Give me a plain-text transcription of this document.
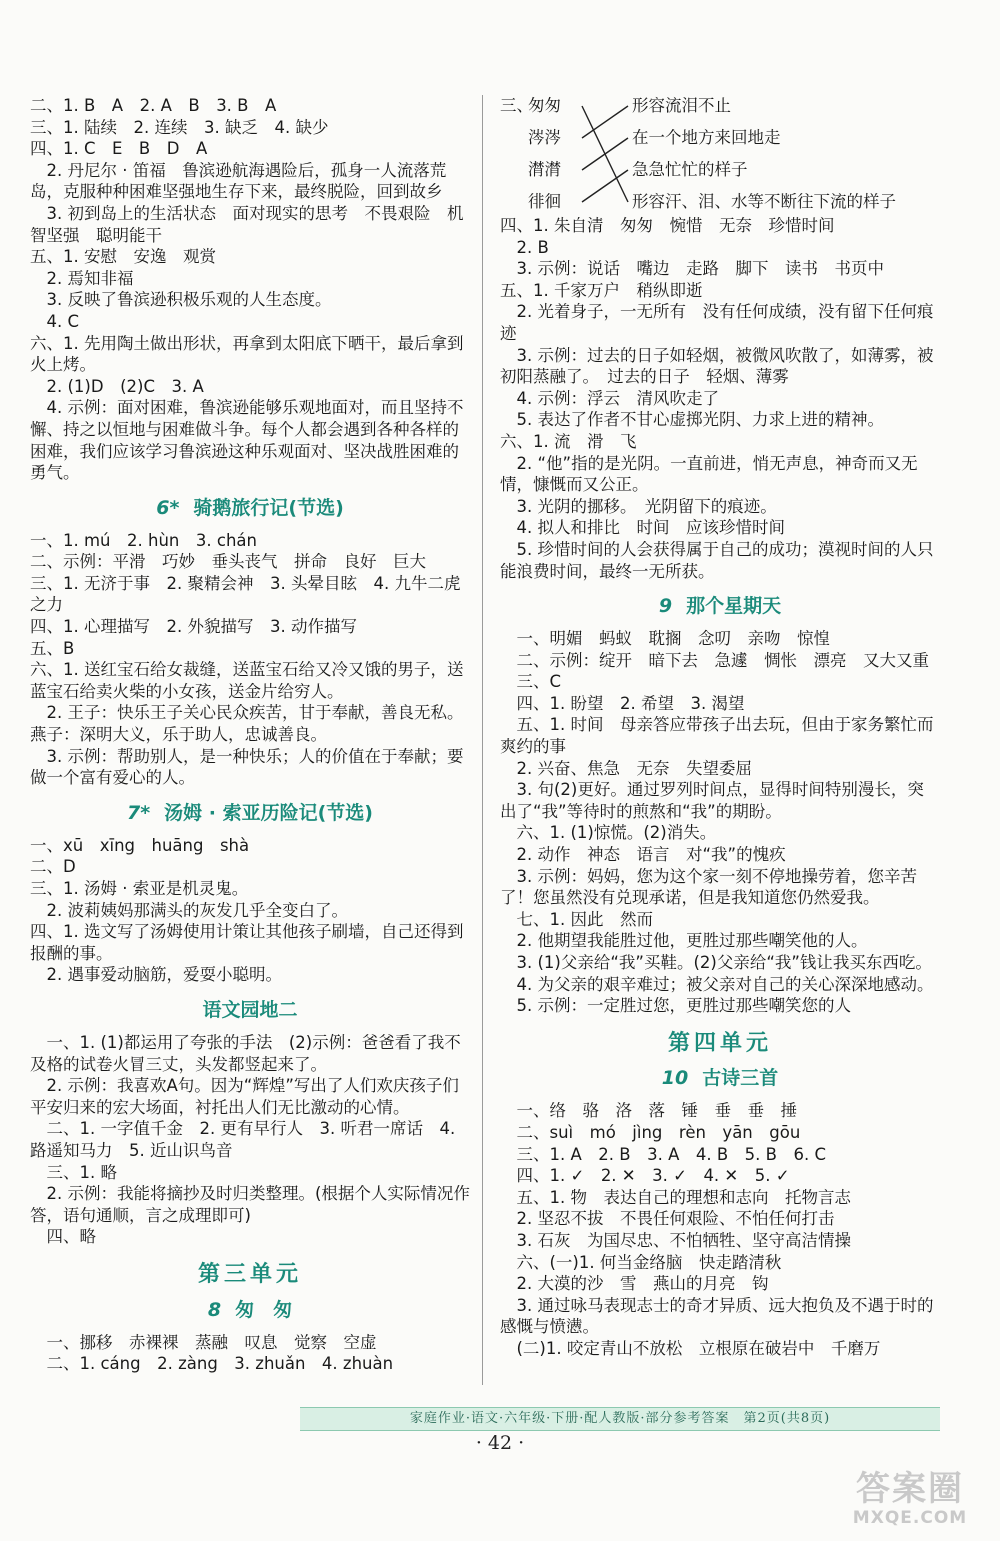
二、1. B　A　2. A　B　3. B　A
三、1. 陆续　2. 连续　3. 缺乏　4. 缺少
四、1. C　E　B　D　A
　2. 丹尼尔 · 笛福　鲁滨逊航海遇险后，孤身一人流落荒岛，克服种种困难坚强地生存下来，最终脱险，回到故乡
　3. 初到岛上的生活状态　面对现实的思考　不畏艰险　机智坚强　聪明能干
五、1. 安慰　安逸　观赏
　2. 焉知非福
　3. 反映了鲁滨逊积极乐观的人生态度。
　4. C
六、1. 先用陶土做出形状，再拿到太阳底下晒干，最后拿到火上烤。
　2. (1)D　(2)C　3. A
　4. 示例：面对困难，鲁滨逊能够乐观地面对，而且坚持不懈、持之以恒地与困难做斗争。每个人都会遇到各种各样的困难，我们应该学习鲁滨逊这种乐观面对、坚决战胜困难的勇气。
6* 骑鹅旅行记(节选)
一、1. mú　2. hùn　3. chán
二、示例：平滑　巧妙　垂头丧气　拼命　良好　巨大
三、1. 无济于事　2. 聚精会神　3. 头晕目眩　4. 九牛二虎之力
四、1. 心理描写　2. 外貌描写　3. 动作描写
五、B
六、1. 送红宝石给女裁缝，送蓝宝石给又冷又饿的男子，送蓝宝石给卖火柴的小女孩，送金片给穷人。
　2. 王子：快乐王子关心民众疾苦，甘于奉献，善良无私。燕子：深明大义，乐于助人，忠诚善良。
　3. 示例：帮助别人，是一种快乐；人的价值在于奉献；要做一个富有爱心的人。
7* 汤姆 · 索亚历险记(节选)
一、xū　xīng　huāng　shà
二、D
三、1. 汤姆 · 索亚是机灵鬼。
　2. 波莉姨妈那满头的灰发几乎全变白了。
四、1. 选文写了汤姆使用计策让其他孩子刷墙，自己还得到报酬的事。
　2. 遇事爱动脑筋，爱耍小聪明。
语文园地二
　一、1. (1)都运用了夸张的手法　(2)示例：爸爸看了我不及格的试卷火冒三丈，头发都竖起来了。
　2. 示例：我喜欢A句。因为“辉煌”写出了人们欢庆孩子们平安归来的宏大场面，衬托出人们无比激动的心情。
　二、1. 一字值千金　2. 更有早行人　3. 听君一席话　4. 路遥知马力　5. 近山识鸟音
　三、1. 略
　2. 示例：我能将摘抄及时归类整理。(根据个人实际情况作答，语句通顺，言之成理即可)
　四、略
第三单元
8 匆　匆
　一、挪移　赤裸裸　蒸融　叹息　觉察　空虚
　二、1. cáng　2. zàng　3. zhuǎn　4. zhuàn
三、
匆匆
涔涔
潸潸
徘徊
形容流泪不止
在一个地方来回地走
急急忙忙的样子
形容汗、泪、水等不断往下流的样子
四、1. 朱自清　匆匆　惋惜　无奈　珍惜时间
　2. B
　3. 示例：说话　嘴边　走路　脚下　读书　书页中
五、1. 千家万户　稍纵即逝
　2. 光着身子，一无所有　没有任何成绩，没有留下任何痕迹
　3. 示例：过去的日子如轻烟，被微风吹散了，如薄雾，被初阳蒸融了。　过去的日子　轻烟、薄雾
　4. 示例：浮云　清风吹走了
　5. 表达了作者不甘心虚掷光阴、力求上进的精神。
六、1. 流　滑　飞
　2. “他”指的是光阴。一直前进，悄无声息，神奇而又无情，慷慨而又公正。
　3. 光阴的挪移。　光阴留下的痕迹。
　4. 拟人和排比　时间　应该珍惜时间
　5. 珍惜时间的人会获得属于自己的成功；漠视时间的人只能浪费时间，最终一无所获。
9 那个星期天
　一、明媚　蚂蚁　耽搁　念叨　亲吻　惊惶
　二、示例：绽开　暗下去　急遽　惆怅　漂亮　又大又重
　三、C
　四、1. 盼望　2. 希望　3. 渴望
　五、1. 时间　母亲答应带孩子出去玩，但由于家务繁忙而爽约的事
　2. 兴奋、焦急　无奈　失望委屈
　3. 句(2)更好。通过罗列时间点，显得时间特别漫长，突出了“我”等待时的煎熬和“我”的期盼。
　六、1. (1)惊慌。(2)消失。
　2. 动作　神态　语言　对“我”的愧疚
　3. 示例：妈妈，您为这个家一刻不停地操劳着，您辛苦了！您虽然没有兑现承诺，但是我知道您仍然爱我。
　七、1. 因此　然而
　2. 他期望我能胜过他，更胜过那些嘲笑他的人。
　3. (1)父亲给“我”买鞋。(2)父亲给“我”钱让我买东西吃。
　4. 为父亲的艰辛难过；被父亲对自己的关心深深地感动。
　5. 示例：一定胜过您，更胜过那些嘲笑您的人
第四单元
10 古诗三首
　一、络　骆　洛　落　锤　垂　垂　捶
　二、suì　mó　jìng　rèn　yān　gōu
　三、1. A　2. B　3. A　4. B　5. B　6. C
　四、1. ✓　2. ✕　3. ✓　4. ✕　5. ✓
　五、1. 物　表达自己的理想和志向　托物言志
　2. 坚忍不拔　不畏任何艰险、不怕任何打击
　3. 石灰　为国尽忠、不怕牺牲、坚守高洁情操
　六、(一)1. 何当金络脑　快走踏清秋
　2. 大漠的沙　雪　燕山的月亮　钩
　3. 通过咏马表现志士的奇才异质、远大抱负及不遇于时的感慨与愤懑。
　(二)1. 咬定青山不放松　立根原在破岩中　千磨万
家庭作业·语文·六年级·下册·配人教版·部分参考答案　第2页(共8页)
· 42 ·
答案圈
MXQE.COM
